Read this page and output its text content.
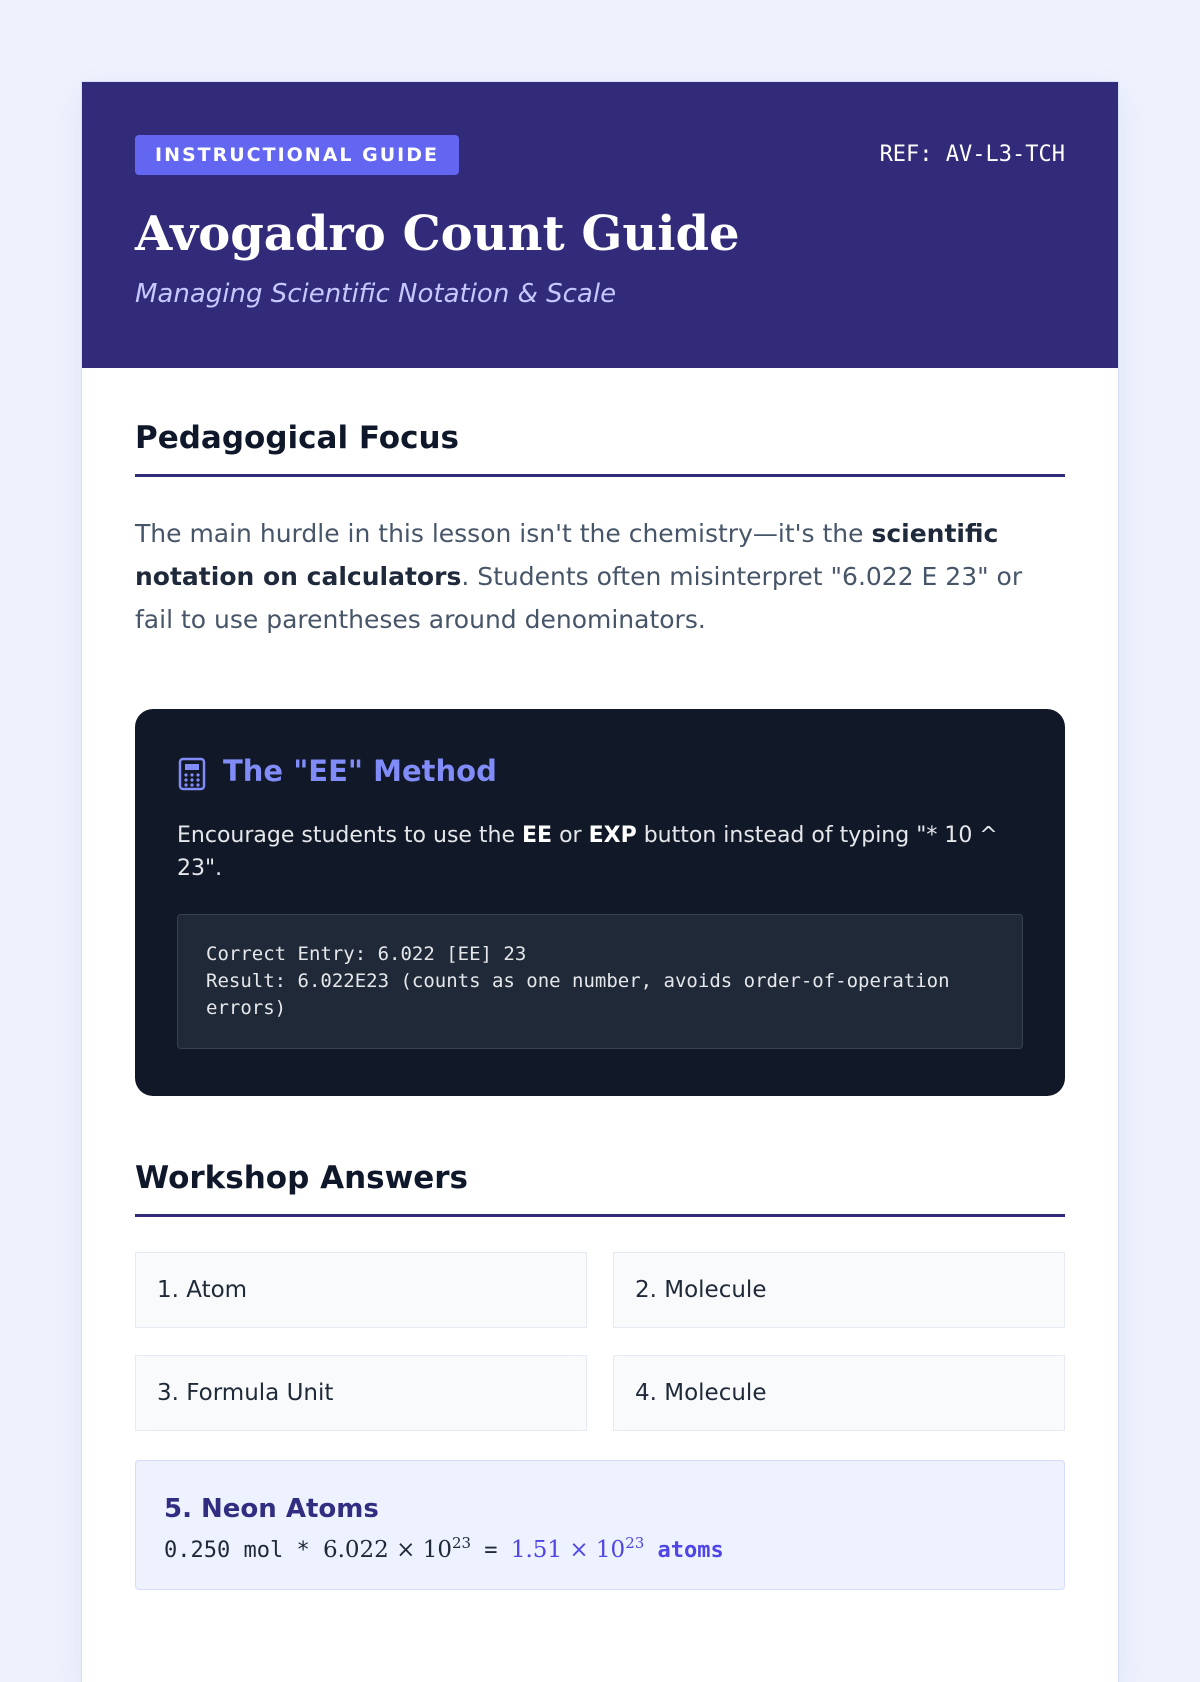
INSTRUCTIONAL GUIDE	REF: AV-L3-TCH
Avogadro Count Guide

Managing Scientific Notation & Scale

Pedagogical Focus

The main hurdle in this lesson isn't the chemistry—it's the scientific notation on calculators. Students often misinterpret "6.022 E 23" or fail to use parentheses around denominators.

The "EE" Method

Encourage students to use the EE or EXP button instead of typing "* 10 ^ 23".

Correct Entry: 6.022 [EE] 23
Result: 6.022E23 (counts as one number, avoids order-of-operation errors)
Workshop Answers
1. Atom	2. Molecule
3. Formula Unit	4. Molecule
5. Neon Atoms
0.250 mol * $6.022 \times 10^{23} = 1.51 \times 10^{23}$ atoms
